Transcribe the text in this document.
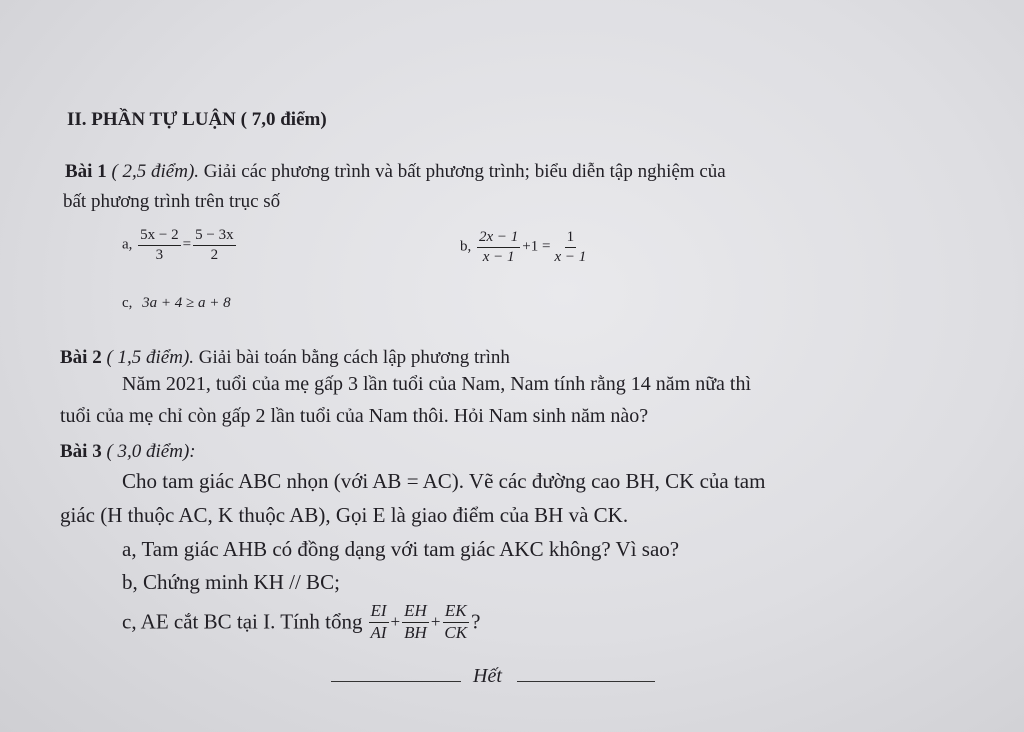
II. PHẦN TỰ LUẬN ( 7,0 điểm)
Bài 1 ( 2,5 điểm). Giải các phương trình và bất phương trình; biểu diễn tập nghiệm của
bất phương trình trên trục số
a, $\frac{5x - 2}{3} = \frac{5 - 3x}{2}$	b, $\frac{2x - 1}{x - 1} +1 = \frac{1}{x - 1}$
c, 3a + 4 ≥ a + 8
Bài 2 ( 1,5 điểm). Giải bài toán bằng cách lập phương trình
Năm 2021, tuổi của mẹ gấp 3 lần tuổi của Nam, Nam tính rằng 14 năm nữa thì
tuổi của mẹ chỉ còn gấp 2 lần tuổi của Nam thôi. Hỏi Nam sinh năm nào?
Bài 3 ( 3,0 điểm):
Cho tam giác ABC nhọn (với AB = AC). Vẽ các đường cao BH, CK của tam
giác (H thuộc AC, K thuộc AB), Gọi E là giao điểm của BH và CK.
a, Tam giác AHB có đồng dạng với tam giác AKC không? Vì sao?
b, Chứng minh KH // BC;
c, AE cắt BC tại I. Tính tổng $\frac{EI}{AI} + \frac{EH}{BH} + \frac{EK}{CK}$ ?
Hết
